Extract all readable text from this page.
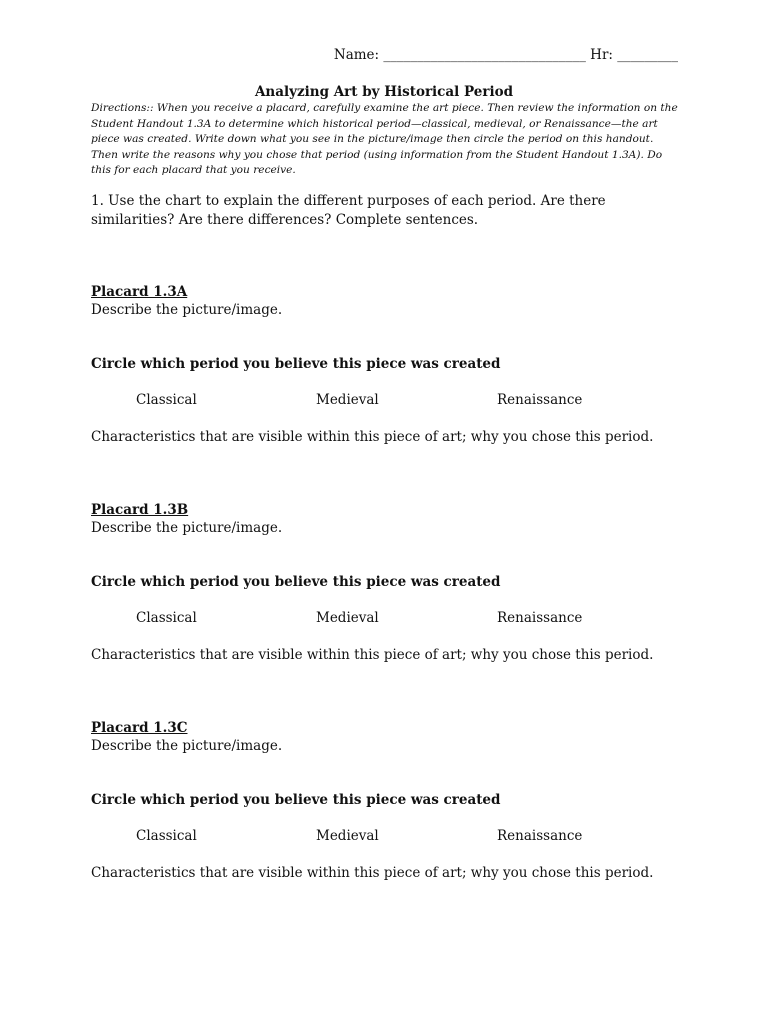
Name: ______________________________ Hr: _________
Analyzing Art by Historical Period
Directions:: When you receive a placard, carefully examine the art piece. Then review the information on the Student Handout 1.3A to determine which historical period—classical, medieval, or Renaissance—the art piece was created. Write down what you see in the picture/image then circle the period on this handout. Then write the reasons why you chose that period (using information from the Student Handout 1.3A). Do this for each placard that you receive.
1. Use the chart to explain the different purposes of each period. Are there similarities? Are there differences? Complete sentences.
Placard 1.3A
Describe the picture/image.
Circle which period you believe this piece was created
Classical	Medieval	Renaissance
Characteristics that are visible within this piece of art; why you chose this period.
Placard 1.3B
Describe the picture/image.
Circle which period you believe this piece was created
Classical	Medieval	Renaissance
Characteristics that are visible within this piece of art; why you chose this period.
Placard 1.3C
Describe the picture/image.
Circle which period you believe this piece was created
Classical	Medieval	Renaissance
Characteristics that are visible within this piece of art; why you chose this period.
